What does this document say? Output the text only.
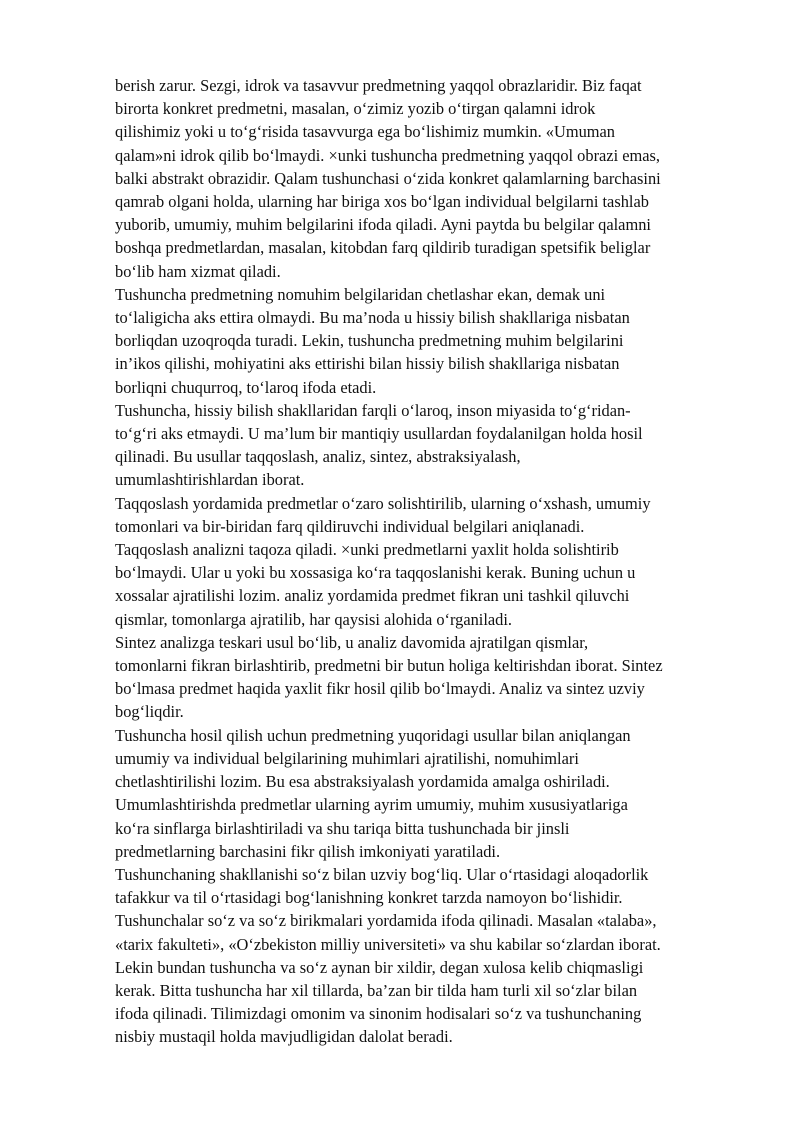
berish zarur. Sezgi, idrok va tasavvur predmetning yaqqol obrazlaridir. Biz faqat
birorta konkret predmetni, masalan, o‘zimiz yozib o‘tirgan qalamni idrok
qilishimiz yoki u to‘g‘risida tasavvurga ega bo‘lishimiz mumkin. «Umuman
qalam»ni idrok qilib bo‘lmaydi. ×unki tushuncha predmetning yaqqol obrazi emas,
balki abstrakt obrazidir. Qalam tushunchasi o‘zida konkret qalamlarning barchasini
qamrab olgani holda, ularning har biriga xos bo‘lgan individual belgilarni tashlab
yuborib, umumiy, muhim belgilarini ifoda qiladi. Ayni paytda bu belgilar qalamni
boshqa predmetlardan, masalan, kitobdan farq qildirib turadigan spetsifik beliglar
bo‘lib ham xizmat qiladi.

Tushuncha predmetning nomuhim belgilaridan chetlashar ekan, demak uni
to‘laligicha aks ettira olmaydi. Bu ma’noda u hissiy bilish shakllariga nisbatan
borliqdan uzoqroqda turadi. Lekin, tushuncha predmetning muhim belgilarini
in’ikos qilishi, mohiyatini aks ettirishi bilan hissiy bilish shakllariga nisbatan
borliqni chuqurroq, to‘laroq ifoda etadi.

Tushuncha, hissiy bilish shakllaridan farqli o‘laroq, inson miyasida to‘g‘ridan-
to‘g‘ri aks etmaydi. U ma’lum bir mantiqiy usullardan foydalanilgan holda hosil
qilinadi. Bu usullar taqqoslash, analiz, sintez, abstraksiyalash,
umumlashtirishlardan iborat.

Taqqoslash yordamida predmetlar o‘zaro solishtirilib, ularning o‘xshash, umumiy
tomonlari va bir-biridan farq qildiruvchi individual belgilari aniqlanadi.

Taqqoslash analizni taqoza qiladi. ×unki predmetlarni yaxlit holda solishtirib
bo‘lmaydi. Ular u yoki bu xossasiga ko‘ra taqqoslanishi kerak. Buning uchun u
xossalar ajratilishi lozim. analiz yordamida predmet fikran uni tashkil qiluvchi
qismlar, tomonlarga ajratilib, har qaysisi alohida o‘rganiladi.

Sintez analizga teskari usul bo‘lib, u analiz davomida ajratilgan qismlar,
tomonlarni fikran birlashtirib, predmetni bir butun holiga keltirishdan iborat. Sintez
bo‘lmasa predmet haqida yaxlit fikr hosil qilib bo‘lmaydi. Analiz va sintez uzviy
bog‘liqdir.

Tushuncha hosil qilish uchun predmetning yuqoridagi usullar bilan aniqlangan
umumiy va individual belgilarining muhimlari ajratilishi, nomuhimlari
chetlashtirilishi lozim. Bu esa abstraksiyalash yordamida amalga oshiriladi.

Umumlashtirishda predmetlar ularning ayrim umumiy, muhim xususiyatlariga
ko‘ra sinflarga birlashtiriladi va shu tariqa bitta tushunchada bir jinsli
predmetlarning barchasini fikr qilish imkoniyati yaratiladi.

Tushunchaning shakllanishi so‘z bilan uzviy bog‘liq. Ular o‘rtasidagi aloqadorlik
tafakkur va til o‘rtasidagi bog‘lanishning konkret tarzda namoyon bo‘lishidir.

Tushunchalar so‘z va so‘z birikmalari yordamida ifoda qilinadi. Masalan «talaba»,
«tarix fakulteti», «O‘zbekiston milliy universiteti» va shu kabilar so‘zlardan iborat.
Lekin bundan tushuncha va so‘z aynan bir xildir, degan xulosa kelib chiqmasligi
kerak. Bitta tushuncha har xil tillarda, ba’zan bir tilda ham turli xil so‘zlar bilan
ifoda qilinadi. Tilimizdagi omonim va sinonim hodisalari so‘z va tushunchaning
nisbiy mustaqil holda mavjudligidan dalolat beradi.
